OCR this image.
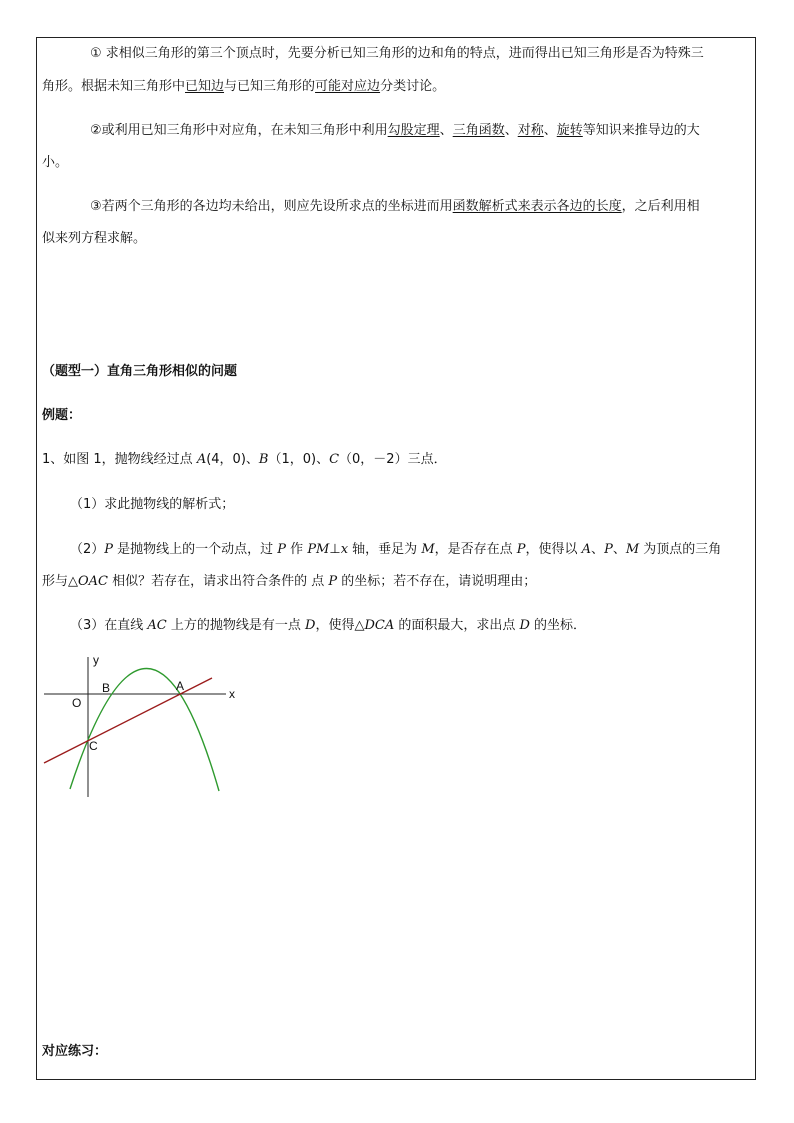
① 求相似三角形的第三个顶点时，先要分析已知三角形的边和角的特点，进而得出已知三角形是否为特殊三
角形。根据未知三角形中已知边与已知三角形的可能对应边分类讨论。
②或利用已知三角形中对应角，在未知三角形中利用勾股定理、三角函数、对称、旋转等知识来推导边的大
小。
③若两个三角形的各边均未给出，则应先设所求点的坐标进而用函数解析式来表示各边的长度，之后利用相
似来列方程求解。
（题型一）直角三角形相似的问题
例题：
1、如图 1，抛物线经过点 A(4，0)、B（1，0)、C（0，－2）三点．
（1）求此抛物线的解析式；
（2）P 是抛物线上的一个动点，过 P 作 PM⊥x 轴，垂足为 M，是否存在点 P，使得以 A、P、M 为顶点的三角
形与△OAC 相似？若存在，请求出符合条件的 点 P 的坐标；若不存在，请说明理由；
（3）在直线 AC 上方的抛物线是有一点 D，使得△DCA 的面积最大，求出点 D 的坐标．
y
x
O
B	A
C
对应练习：
